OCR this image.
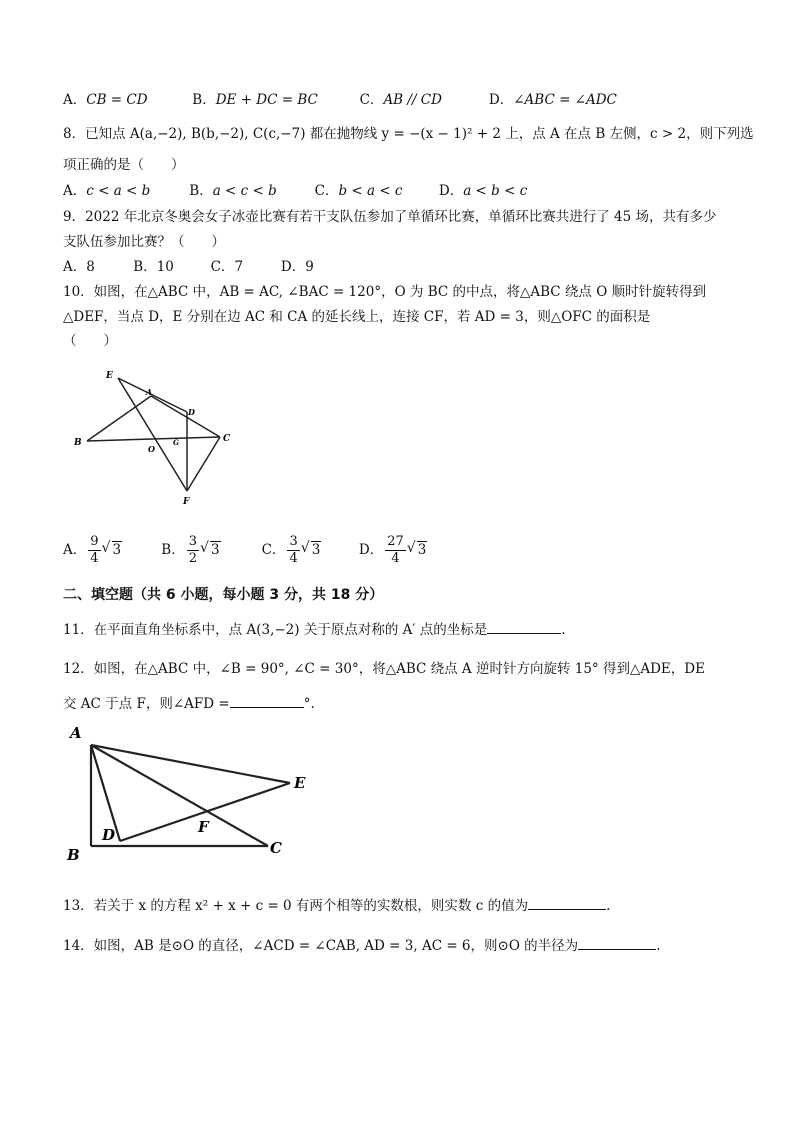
A．CB = CD	B．DE + DC = BC	C．AB // CD	D．∠ABC = ∠ADC
8．已知点 A(a,−2), B(b,−2), C(c,−7) 都在抛物线 y = −(x − 1)² + 2 上，点 A 在点 B 左侧，c > 2，则下列选
项正确的是（　　）
A．c < a < b	B．a < c < b	C．b < a < c	D．a < b < c
9．2022 年北京冬奥会女子冰壶比赛有若干支队伍参加了单循环比赛，单循环比赛共进行了 45 场，共有多少
支队伍参加比赛？（　　）
A．8	B．10	C．7	D．9
10．如图，在△ABC 中，AB = AC, ∠BAC = 120°，O 为 BC 的中点，将△ABC 绕点 O 顺时针旋转得到
△DEF，当点 D，E 分别在边 AC 和 CA 的延长线上，连接 CF，若 AD = 3，则△OFC 的面积是
（　　）
E
A
D
B
O
G	C
F
A． $\frac{9}{4}$ √ 3	B． $\frac{3}{2}$ √ 3	C． $\frac{3}{4}$ √ 3	D． $\frac{27}{4}$ √ 3
二、填空题（共 6 小题，每小题 3 分，共 18 分）
11．在平面直角坐标系中，点 A(3,−2) 关于原点对称的 A′ 点的坐标是	.
12．如图，在△ABC 中，∠B = 90°, ∠C = 30°，将△ABC 绕点 A 逆时针方向旋转 15° 得到△ADE，DE
交 AC 于点 F，则∠AFD =	°.
A
E
D	F
B	C
13．若关于 x 的方程 x² + x + c = 0 有两个相等的实数根，则实数 c 的值为	.
14．如图，AB 是⊙O 的直径，∠ACD = ∠CAB, AD = 3, AC = 6，则⊙O 的半径为	.
